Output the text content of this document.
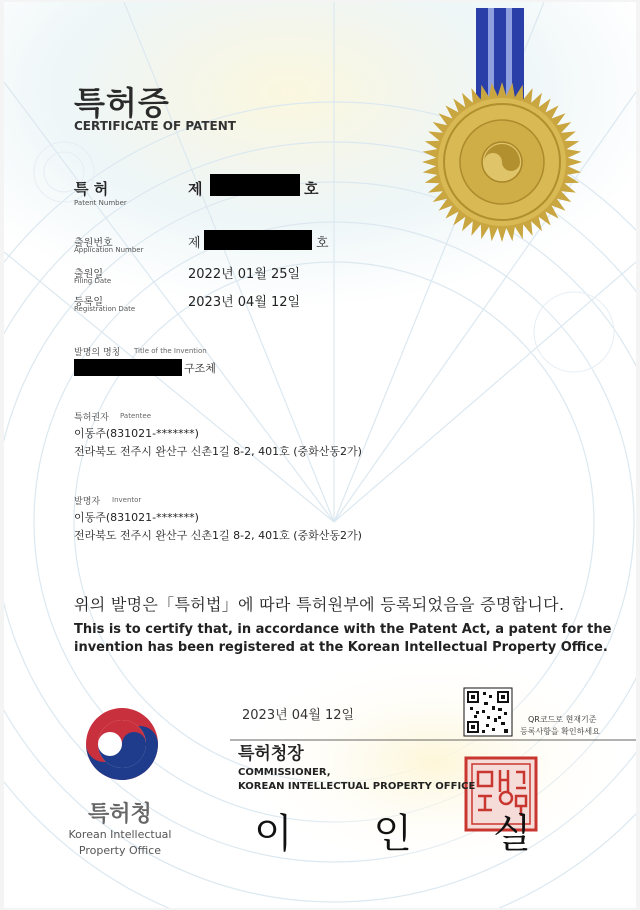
특허증
CERTIFICATE OF PATENT
특 허
Patent Number
제	호
출원번호
Application Number	제	호
출원일
Filing Date	2022년 01월 25일
등록일
Registration Date	2023년 04월 12일
발명의 명칭 Title of the Invention
구조체
특허권자 Patentee
이동주(831021-*******)
전라북도 전주시 완산구 신촌1길 8-2, 401호 (중화산동2가)
발명자 Inventor
이동주(831021-*******)
전라북도 전주시 완산구 신촌1길 8-2, 401호 (중화산동2가)
위의 발명은「특허법」에 따라 특허원부에 등록되었음을 증명합니다.
This is to certify that, in accordance with the Patent Act, a patent for the
invention has been registered at the Korean Intellectual Property Office.
2023년 04월 12일
특허청장
COMMISSIONER,
KOREAN INTELLECTUAL PROPERTY OFFICE
이 인 실
QR코드로 현재기준
등록사항을 확인하세요
특허청
Korean Intellectual
Property Office
